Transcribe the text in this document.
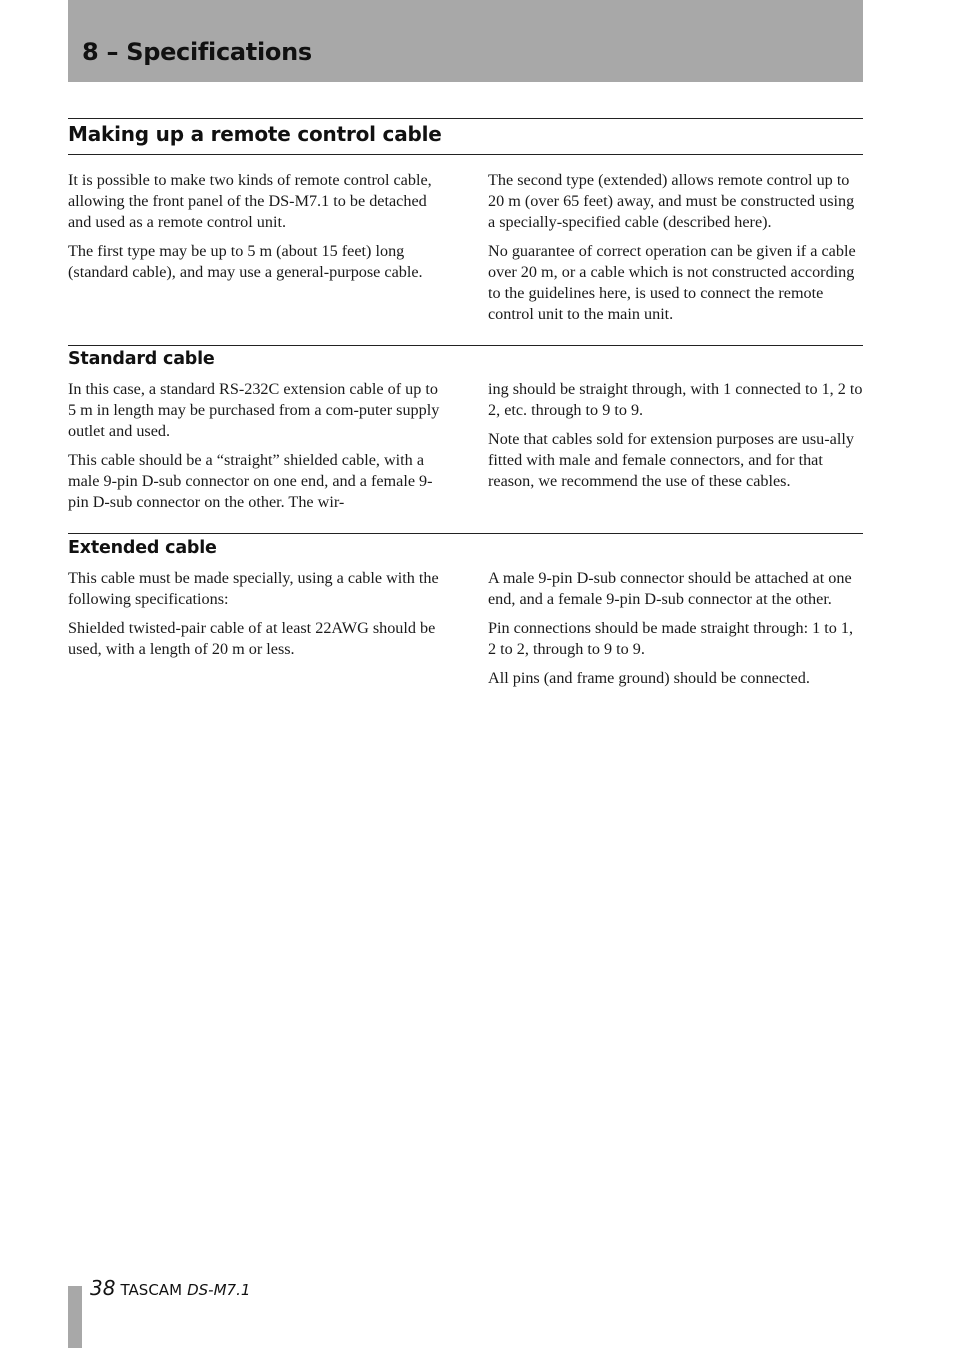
8 – Specifications
Making up a remote control cable

It is possible to make two kinds of remote control cable, allowing the front panel of the DS-M7.1 to be detached and used as a remote control unit.

The first type may be up to 5 m (about 15 feet) long (standard cable), and may use a general-purpose cable.

The second type (extended) allows remote control up to 20 m (over 65 feet) away, and must be constructed using a specially-specified cable (described here).

No guarantee of correct operation can be given if a cable over 20 m, or a cable which is not constructed according to the guidelines here, is used to connect the remote control unit to the main unit.

Standard cable

In this case, a standard RS-232C extension cable of up to 5 m in length may be purchased from a com-puter supply outlet and used.

This cable should be a “straight” shielded cable, with a male 9-pin D-sub connector on one end, and a female 9-pin D-sub connector on the other. The wir-

ing should be straight through, with 1 connected to 1, 2 to 2, etc. through to 9 to 9.

Note that cables sold for extension purposes are usu-ally fitted with male and female connectors, and for that reason, we recommend the use of these cables.

Extended cable

This cable must be made specially, using a cable with the following specifications:

Shielded twisted-pair cable of at least 22AWG should be used, with a length of 20 m or less.

A male 9-pin D-sub connector should be attached at one end, and a female 9-pin D-sub connector at the other.

Pin connections should be made straight through: 1 to 1, 2 to 2, through to 9 to 9.

All pins (and frame ground) should be connected.

38 TASCAM DS-M7.1
